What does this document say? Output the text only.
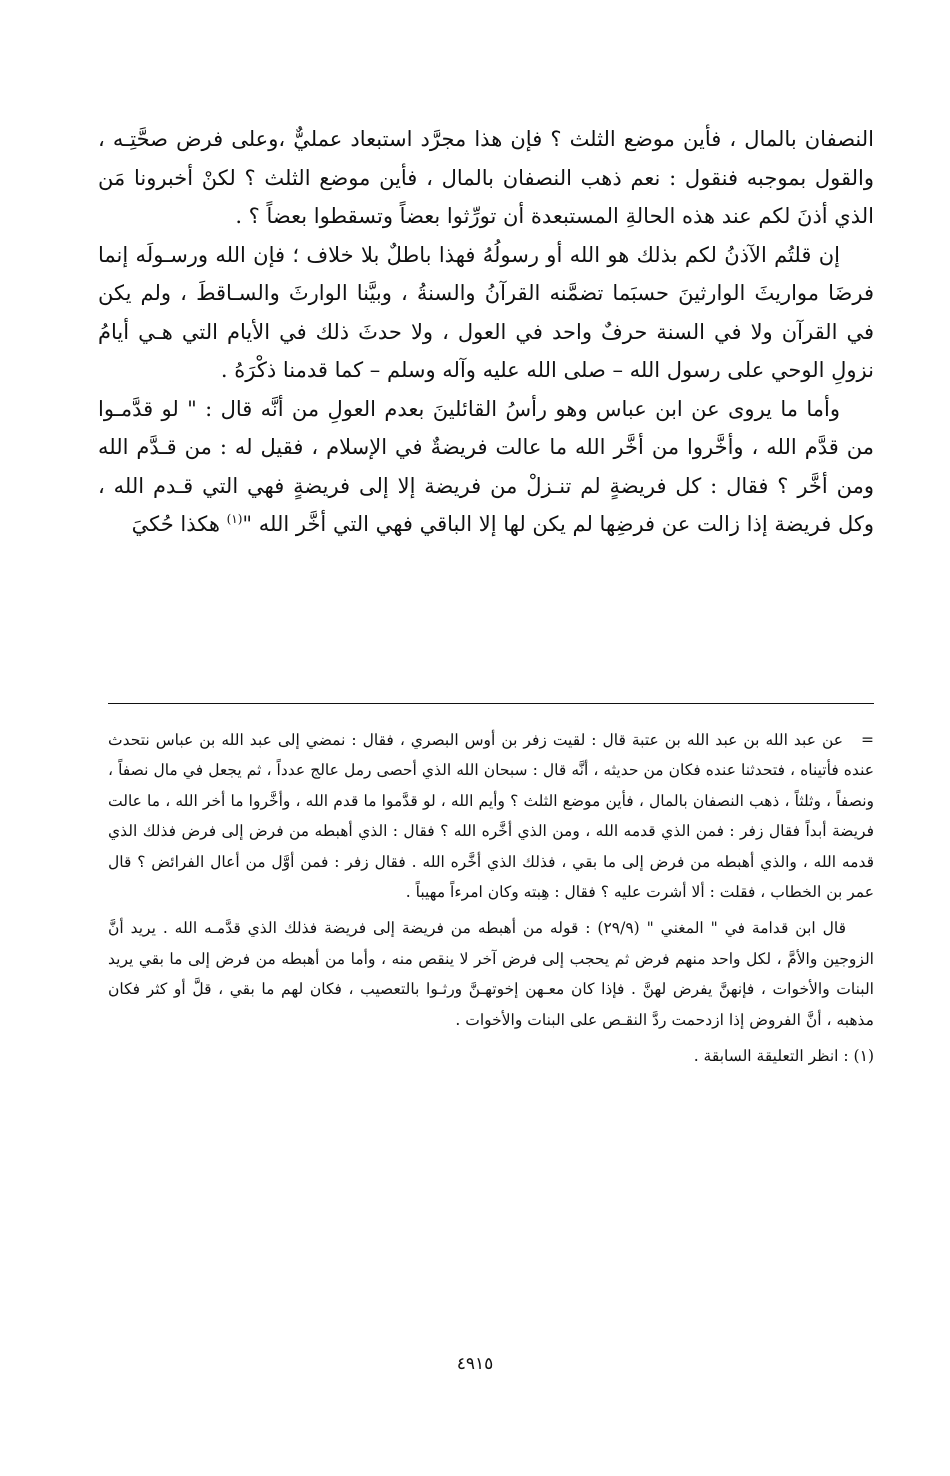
النصفان بالمال ، فأين موضع الثلث ؟ فإن هذا مجرَّد استبعاد عمليٌّ ،وعلى فرض صحَّتِـه ، والقول بموجبه فنقول : نعم ذهب النصفان بالمال ، فأين موضع الثلث ؟ لكنْ أخبرونا مَن الذي أذنَ لكم عند هذه الحالةِ المستبعدة أن تورِّثوا بعضاً وتسقطوا بعضاً ؟ .

إن قلتُم الآذنُ لكم بذلك هو الله أو رسولُهُ فهذا باطلٌ بلا خلاف ؛ فإن الله ورسـولَه إنما فرضَا مواريثَ الوارثينَ حسبَما تضمَّنه القرآنُ والسنةُ ، وبيَّنا الوارثَ والسـاقطَ ، ولم يكن في القرآن ولا في السنة حرفٌ واحد في العول ، ولا حدثَ ذلك في الأيام التي هـي أيامُ نزولِ الوحي على رسول الله – صلى الله عليه وآله وسلم – كما قدمنا ذكْرَهُ .

وأما ما يروى عن ابن عباس وهو رأسُ القائلينَ بعدم العولِ من أنَّه قال : " لو قدَّمـوا من قدَّم الله ، وأخَّروا من أخَّر الله ما عالت فريضةٌ في الإسلام ، فقيل له : من قـدَّم الله ومن أخَّر ؟ فقال : كل فريضةٍ لم تنـزلْ من فريضة إلا إلى فريضةٍ فهي التي قـدم الله ، وكل فريضة إذا زالت عن فرضِها لم يكن لها إلا الباقي فهي التي أخَّر الله "$^{(١)}$ هكذا حُكيَ

=عن عبد الله بن عبد الله بن عتبة قال : لقيت زفر بن أوس البصري ، فقال : نمضي إلى عبد الله بن عباس نتحدث عنده فأتيناه ، فتحدثنا عنده فكان من حديثه ، أنَّه قال : سبحان الله الذي أحصى رمل عالج عدداً ، ثم يجعل في مال نصفاً ، ونصفاً ، وثلثاً ، ذهب النصفان بالمال ، فأين موضع الثلث ؟ وأيم الله ، لو قدَّموا ما قدم الله ، وأخَّروا ما أخر الله ، ما عالت فريضة أبداً فقال زفر : فمن الذي قدمه الله ، ومن الذي أخَّره الله ؟ فقال : الذي أهبطه من فرض إلى فرض فذلك الذي قدمه الله ، والذي أهبطه من فرض إلى ما بقي ، فذلك الذي أخَّره الله . فقال زفر : فمن أوَّل من أعال الفرائض ؟ قال عمر بن الخطاب ، فقلت : ألا أشرت عليه ؟ فقال : هِبته وكان امرءاً مهيباً .

قال ابن قدامة في " المغني " (٢٩/٩) : قوله من أهبطه من فريضة إلى فريضة فذلك الذي قدَّمـه الله . يريد أنَّ الزوجين والأمَّ ، لكل واحد منهم فرض ثم يحجب إلى فرض آخر لا ينقص منه ، وأما من أهبطه من فرض إلى ما بقي يريد البنات والأخوات ، فإنهنَّ يفرض لهنَّ . فإذا كان معـهن إخوتهـنَّ ورثـوا بالتعصيب ، فكان لهم ما بقي ، قلَّ أو كثر فكان مذهبه ، أنَّ الفروض إذا ازدحمت ردَّ النقـص على البنات والأخوات .

(١) : انظر التعليقة السابقة .

٤٩١٥
